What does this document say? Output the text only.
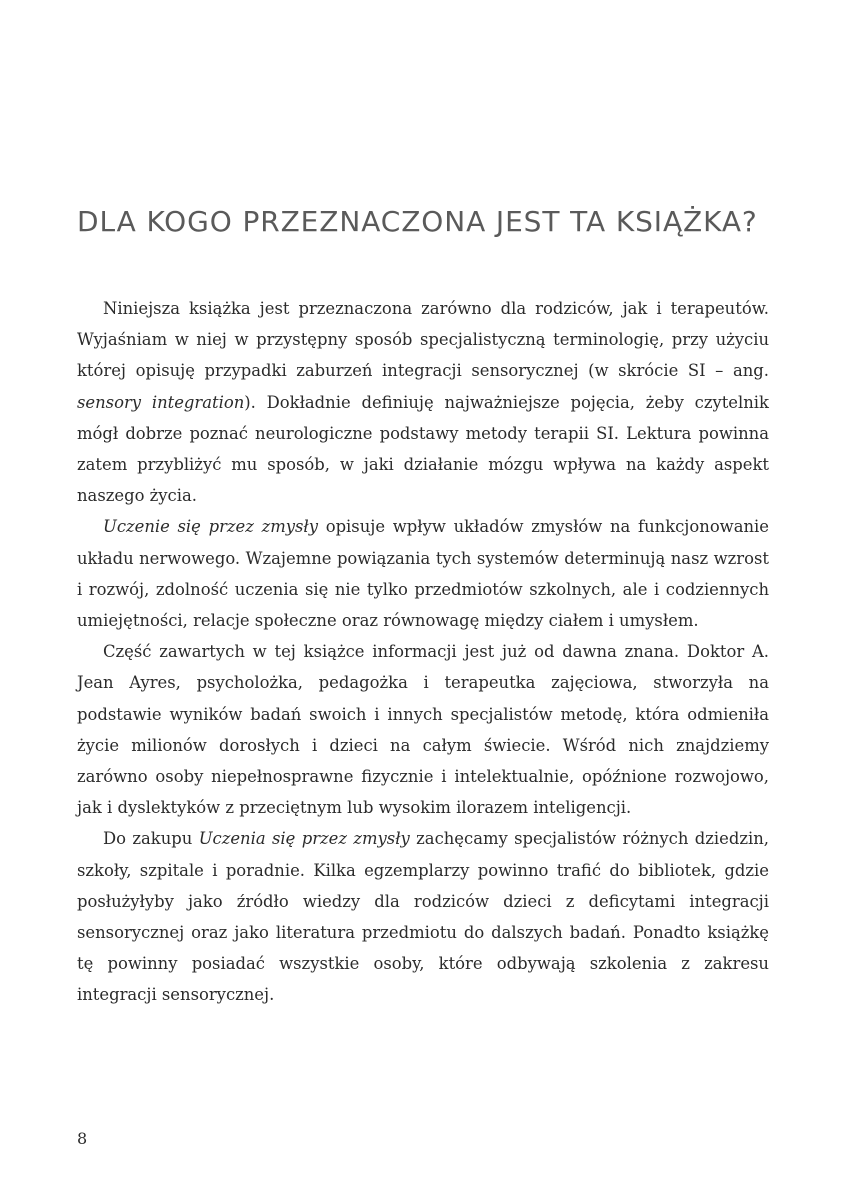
DLA KOGO PRZEZNACZONA JEST TA KSIĄŻKA?

Niniejsza książka jest przeznaczona zarówno dla rodziców, jak i terapeutów. Wyjaśniam w niej w przystępny sposób specjalistyczną terminologię, przy użyciu której opisuję przypadki zaburzeń integracji sensorycznej (w skrócie SI – ang. sensory integration). Dokładnie definiuję najważniejsze pojęcia, żeby czytelnik mógł dobrze poznać neurologiczne podstawy metody terapii SI. Lektura powinna zatem przybliżyć mu sposób, w jaki działanie mózgu wpływa na każdy aspekt naszego życia.

Uczenie się przez zmysły opisuje wpływ układów zmysłów na funkcjonowanie układu nerwowego. Wzajemne powiązania tych systemów determinują nasz wzrost i rozwój, zdolność uczenia się nie tylko przedmiotów szkolnych, ale i codziennych umiejętności, relacje społeczne oraz równowagę między ciałem i umysłem.

Część zawartych w tej książce informacji jest już od dawna znana. Doktor A. Jean Ayres, psycholożka, pedagożka i terapeutka zajęciowa, stworzyła na podstawie wyników badań swoich i innych specjalistów metodę, która odmieniła życie milionów dorosłych i dzieci na całym świecie. Wśród nich znajdziemy zarówno osoby niepełnosprawne fizycznie i intelektualnie, opóźnione rozwojowo, jak i dyslektyków z przeciętnym lub wysokim ilorazem inteligencji.

Do zakupu Uczenia się przez zmysły zachęcamy specjalistów różnych dziedzin, szkoły, szpitale i poradnie. Kilka egzemplarzy powinno trafić do bibliotek, gdzie posłużyłyby jako źródło wiedzy dla rodziców dzieci z deficytami integracji sensorycznej oraz jako literatura przedmiotu do dalszych badań. Ponadto książkę tę powinny posiadać wszystkie osoby, które odbywają szkolenia z zakresu integracji sensorycznej.

8
